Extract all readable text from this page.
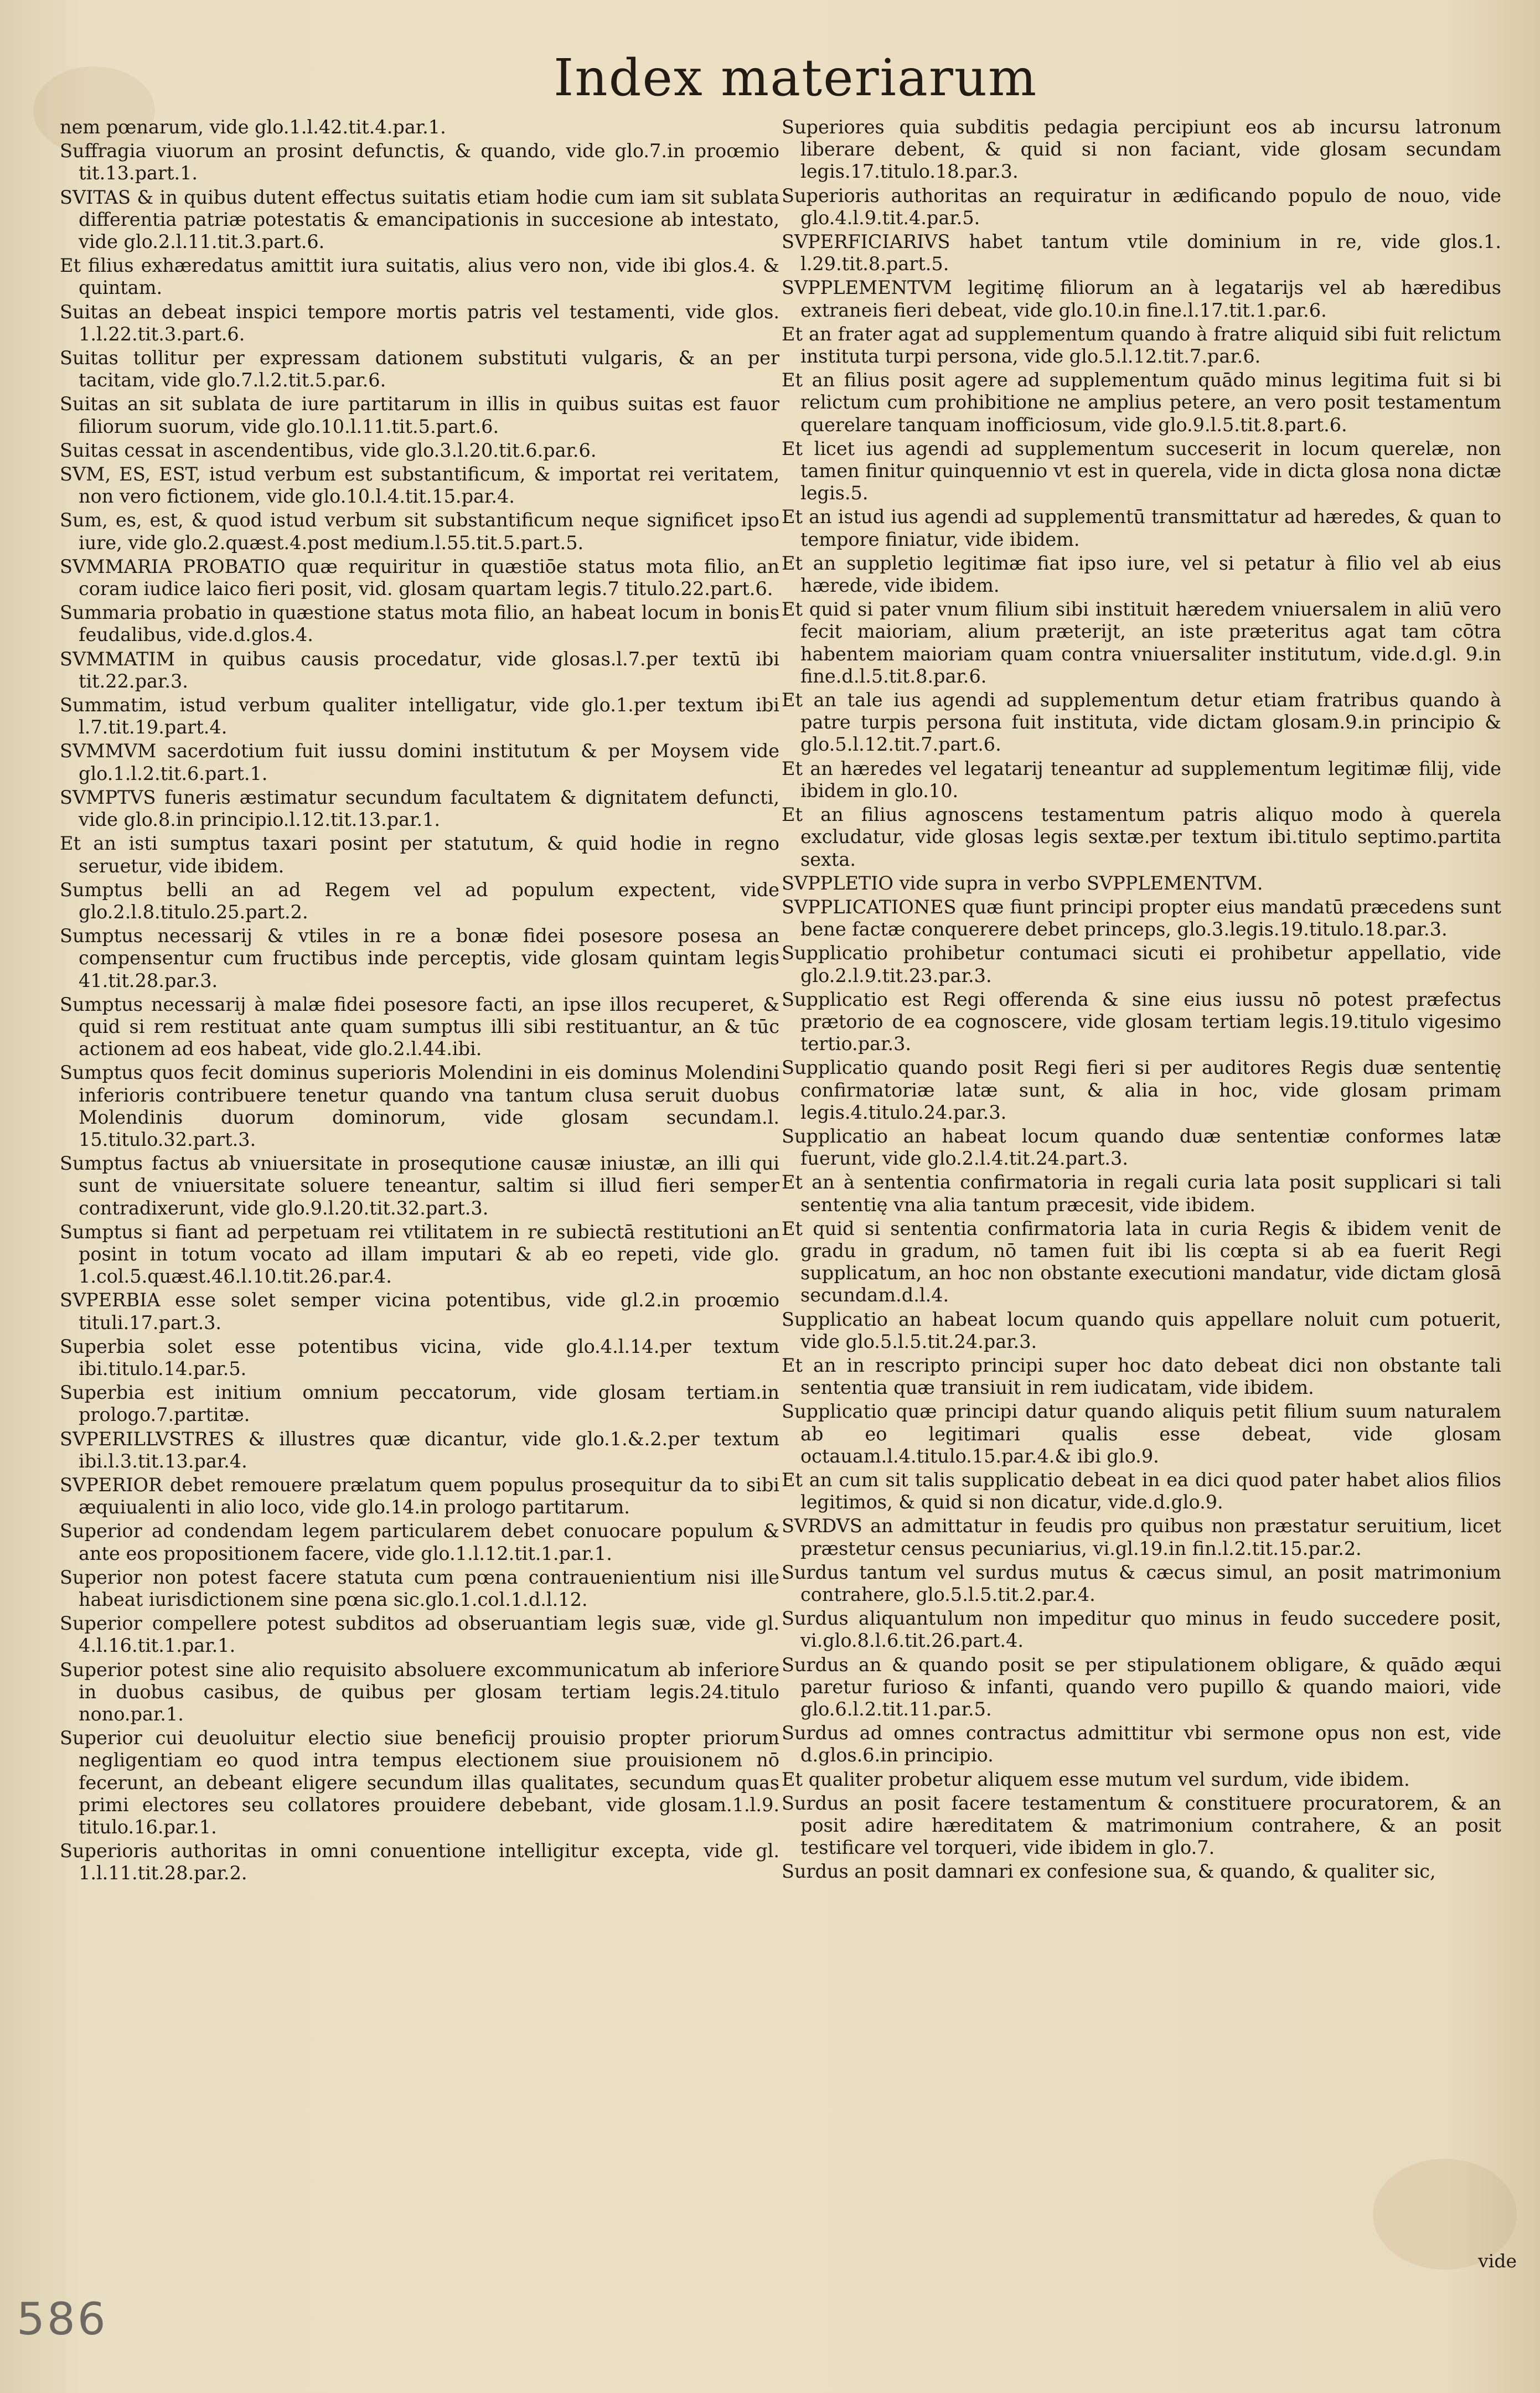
Index materiarum

nem pœnarum, vide glo.1.l.42.tit.4.par.1.

Suffragia viuorum an prosint defunctis, & quando, vide glo.7.in proœmio tit.13.part.1.

SVITAS & in quibus dutent effectus suitatis etiam hodie cum iam sit sublata differentia patriæ potestatis & emancipationis in succesione ab intestato, vide glo.2.l.11.tit.3.part.6.

Et filius exhæredatus amittit iura suitatis, alius vero non, vide ibi glos.4. & quintam.

Suitas an debeat inspici tempore mortis patris vel testamenti, vide glos. 1.l.22.tit.3.part.6.

Suitas tollitur per expressam dationem substituti vulgaris, & an per tacitam, vide glo.7.l.2.tit.5.par.6.

Suitas an sit sublata de iure partitarum in illis in quibus suitas est fauor filiorum suorum, vide glo.10.l.11.tit.5.part.6.

Suitas cessat in ascendentibus, vide glo.3.l.20.tit.6.par.6.

SVM, ES, EST, istud verbum est substantificum, & importat rei veritatem, non vero fictionem, vide glo.10.l.4.tit.15.par.4.

Sum, es, est, & quod istud verbum sit substantificum neque significet ipso iure, vide glo.2.quæst.4.post medium.l.55.tit.5.part.5.

SVMMARIA PROBATIO quæ requiritur in quæstiōe status mota filio, an coram iudice laico fieri posit, vid. glosam quartam legis.7 titulo.22.part.6.

Summaria probatio in quæstione status mota filio, an habeat locum in bonis feudalibus, vide.d.glos.4.

SVMMATIM in quibus causis procedatur, vide glosas.l.7.per textū ibi tit.22.par.3.

Summatim, istud verbum qualiter intelligatur, vide glo.1.per textum ibi l.7.tit.19.part.4.

SVMMVM sacerdotium fuit iussu domini institutum & per Moysem vide glo.1.l.2.tit.6.part.1.

SVMPTVS funeris æstimatur secundum facultatem & dignitatem defuncti, vide glo.8.in principio.l.12.tit.13.par.1.

Et an isti sumptus taxari posint per statutum, & quid hodie in regno seruetur, vide ibidem.

Sumptus belli an ad Regem vel ad populum expectent, vide glo.2.l.8.titulo.25.part.2.

Sumptus necessarij & vtiles in re a bonæ fidei posesore posesa an compensentur cum fructibus inde perceptis, vide glosam quintam legis 41.tit.28.par.3.

Sumptus necessarij à malæ fidei posesore facti, an ipse illos recuperet, & quid si rem restituat ante quam sumptus illi sibi restituantur, an & tūc actionem ad eos habeat, vide glo.2.l.44.ibi.

Sumptus quos fecit dominus superioris Molendini in eis dominus Molendini inferioris contribuere tenetur quando vna tantum clusa seruit duobus Molendinis duorum dominorum, vide glosam secundam.l. 15.titulo.32.part.3.

Sumptus factus ab vniuersitate in prosequtione causæ iniustæ, an illi qui sunt de vniuersitate soluere teneantur, saltim si illud fieri semper contradixerunt, vide glo.9.l.20.tit.32.part.3.

Sumptus si fiant ad perpetuam rei vtilitatem in re subiectā restitutioni an posint in totum vocato ad illam imputari & ab eo repeti, vide glo. 1.col.5.quæst.46.l.10.tit.26.par.4.

SVPERBIA esse solet semper vicina potentibus, vide gl.2.in proœmio tituli.17.part.3.

Superbia solet esse potentibus vicina, vide glo.4.l.14.per textum ibi.titulo.14.par.5.

Superbia est initium omnium peccatorum, vide glosam tertiam.in prologo.7.partitæ.

SVPERILLVSTRES & illustres quæ dicantur, vide glo.1.&.2.per textum ibi.l.3.tit.13.par.4.

SVPERIOR debet remouere prælatum quem populus prosequitur da to sibi æquiualenti in alio loco, vide glo.14.in prologo partitarum.

Superior ad condendam legem particularem debet conuocare populum & ante eos propositionem facere, vide glo.1.l.12.tit.1.par.1.

Superior non potest facere statuta cum pœna contrauenientium nisi ille habeat iurisdictionem sine pœna sic.glo.1.col.1.d.l.12.

Superior compellere potest subditos ad obseruantiam legis suæ, vide gl. 4.l.16.tit.1.par.1.

Superior potest sine alio requisito absoluere excommunicatum ab inferiore in duobus casibus, de quibus per glosam tertiam legis.24.titulo nono.par.1.

Superior cui deuoluitur electio siue beneficij prouisio propter priorum negligentiam eo quod intra tempus electionem siue prouisionem nō fecerunt, an debeant eligere secundum illas qualitates, secundum quas primi electores seu collatores prouidere debebant, vide glosam.1.l.9. titulo.16.par.1.

Superioris authoritas in omni conuentione intelligitur excepta, vide gl. 1.l.11.tit.28.par.2.

Superiores quia subditis pedagia percipiunt eos ab incursu latronum liberare debent, & quid si non faciant, vide glosam secundam legis.17.titulo.18.par.3.

Superioris authoritas an requiratur in ædificando populo de nouo, vide glo.4.l.9.tit.4.par.5.

SVPERFICIARIVS habet tantum vtile dominium in re, vide glos.1. l.29.tit.8.part.5.

SVPPLEMENTVM legitimę filiorum an à legatarijs vel ab hæredibus extraneis fieri debeat, vide glo.10.in fine.l.17.tit.1.par.6.

Et an frater agat ad supplementum quando à fratre aliquid sibi fuit relictum instituta turpi persona, vide glo.5.l.12.tit.7.par.6.

Et an filius posit agere ad supplementum quādo minus legitima fuit si bi relictum cum prohibitione ne amplius petere, an vero posit testamentum querelare tanquam inofficiosum, vide glo.9.l.5.tit.8.part.6.

Et licet ius agendi ad supplementum succeserit in locum querelæ, non tamen finitur quinquennio vt est in querela, vide in dicta glosa nona dictæ legis.5.

Et an istud ius agendi ad supplementū transmittatur ad hæredes, & quan to tempore finiatur, vide ibidem.

Et an suppletio legitimæ fiat ipso iure, vel si petatur à filio vel ab eius hærede, vide ibidem.

Et quid si pater vnum filium sibi instituit hæredem vniuersalem in aliū vero fecit maioriam, alium præterijt, an iste præteritus agat tam cōtra habentem maioriam quam contra vniuersaliter institutum, vide.d.gl. 9.in fine.d.l.5.tit.8.par.6.

Et an tale ius agendi ad supplementum detur etiam fratribus quando à patre turpis persona fuit instituta, vide dictam glosam.9.in principio & glo.5.l.12.tit.7.part.6.

Et an hæredes vel legatarij teneantur ad supplementum legitimæ filij, vide ibidem in glo.10.

Et an filius agnoscens testamentum patris aliquo modo à querela excludatur, vide glosas legis sextæ.per textum ibi.titulo septimo.partita sexta.

SVPPLETIO vide supra in verbo SVPPLEMENTVM.

SVPPLICATIONES quæ fiunt principi propter eius mandatū præcedens sunt bene factæ conquerere debet princeps, glo.3.legis.19.titulo.18.par.3.

Supplicatio prohibetur contumaci sicuti ei prohibetur appellatio, vide glo.2.l.9.tit.23.par.3.

Supplicatio est Regi offerenda & sine eius iussu nō potest præfectus prætorio de ea cognoscere, vide glosam tertiam legis.19.titulo vigesimo tertio.par.3.

Supplicatio quando posit Regi fieri si per auditores Regis duæ sententię confirmatoriæ latæ sunt, & alia in hoc, vide glosam primam legis.4.titulo.24.par.3.

Supplicatio an habeat locum quando duæ sententiæ conformes latæ fuerunt, vide glo.2.l.4.tit.24.part.3.

Et an à sententia confirmatoria in regali curia lata posit supplicari si tali sententię vna alia tantum præcesit, vide ibidem.

Et quid si sententia confirmatoria lata in curia Regis & ibidem venit de gradu in gradum, nō tamen fuit ibi lis cœpta si ab ea fuerit Regi supplicatum, an hoc non obstante executioni mandatur, vide dictam glosā secundam.d.l.4.

Supplicatio an habeat locum quando quis appellare noluit cum potuerit, vide glo.5.l.5.tit.24.par.3.

Et an in rescripto principi super hoc dato debeat dici non obstante tali sententia quæ transiuit in rem iudicatam, vide ibidem.

Supplicatio quæ principi datur quando aliquis petit filium suum naturalem ab eo legitimari qualis esse debeat, vide glosam octauam.l.4.titulo.15.par.4.& ibi glo.9.

Et an cum sit talis supplicatio debeat in ea dici quod pater habet alios filios legitimos, & quid si non dicatur, vide.d.glo.9.

SVRDVS an admittatur in feudis pro quibus non præstatur seruitium, licet præstetur census pecuniarius, vi.gl.19.in fin.l.2.tit.15.par.2.

Surdus tantum vel surdus mutus & cæcus simul, an posit matrimonium contrahere, glo.5.l.5.tit.2.par.4.

Surdus aliquantulum non impeditur quo minus in feudo succedere posit, vi.glo.8.l.6.tit.26.part.4.

Surdus an & quando posit se per stipulationem obligare, & quādo æqui paretur furioso & infanti, quando vero pupillo & quando maiori, vide glo.6.l.2.tit.11.par.5.

Surdus ad omnes contractus admittitur vbi sermone opus non est, vide d.glos.6.in principio.

Et qualiter probetur aliquem esse mutum vel surdum, vide ibidem.

Surdus an posit facere testamentum & constituere procuratorem, & an posit adire hæreditatem & matrimonium contrahere, & an posit testificare vel torqueri, vide ibidem in glo.7.

Surdus an posit damnari ex confesione sua, & quando, & qualiter sic,

vide
586
